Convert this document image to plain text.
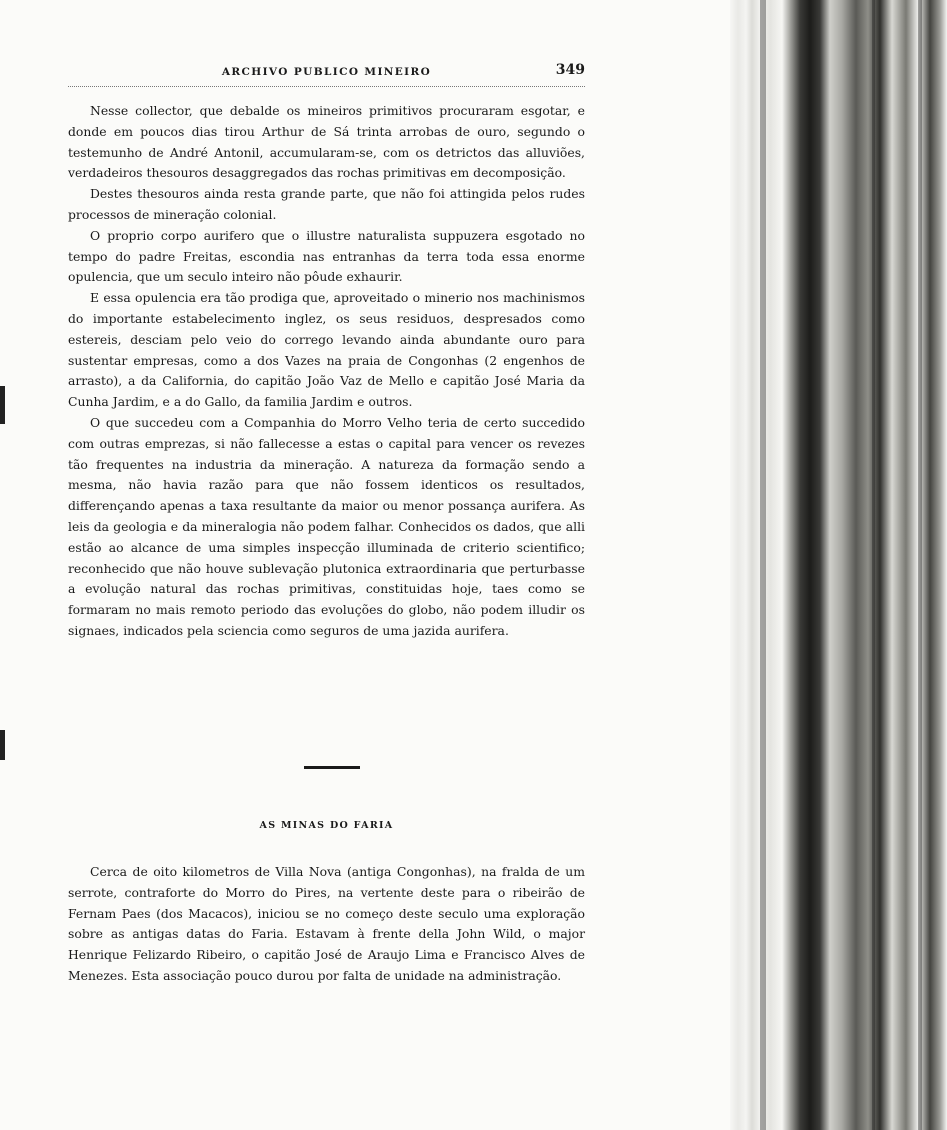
ARCHIVO PUBLICO MINEIRO	349

Nesse collector, que debalde os mineiros primitivos procuraram esgotar, e donde em poucos dias tirou Arthur de Sá trinta arrobas de ouro, segundo o testemunho de André Antonil, accumularam-se, com os detrictos das alluviões, verdadeiros thesouros desaggregados das rochas primitivas em decomposição.

Destes thesouros ainda resta grande parte, que não foi attingida pelos rudes processos de mineração colonial.

O proprio corpo aurifero que o illustre naturalista suppuzera esgotado no tempo do padre Freitas, escondia nas entranhas da terra toda essa enorme opulencia, que um seculo inteiro não pôude exhaurir.

E essa opulencia era tão prodiga que, aproveitado o minerio nos machinismos do importante estabelecimento inglez, os seus residuos, despresados como estereis, desciam pelo veio do corrego levando ainda abundante ouro para sustentar empresas, como a dos Vazes na praia de Congonhas (2 engenhos de arrasto), a da California, do capitão João Vaz de Mello e capitão José Maria da Cunha Jardim, e a do Gallo, da familia Jardim e outros.

O que succedeu com a Companhia do Morro Velho teria de certo succedido com outras emprezas, si não fallecesse a estas o capital para vencer os revezes tão frequentes na industria da mineração. A natureza da formação sendo a mesma, não havia razão para que não fossem identicos os resultados, differençando apenas a taxa resultante da maior ou menor possança aurifera. As leis da geologia e da mineralogia não podem falhar. Conhecidos os dados, que alli estão ao alcance de uma simples inspecção illuminada de criterio scientifico; reconhecido que não houve sublevação plutonica extraordinaria que perturbasse a evolução natural das rochas primitivas, constituidas hoje, taes como se formaram no mais remoto periodo das evoluções do globo, não podem illudir os signaes, indicados pela sciencia como seguros de uma jazida aurifera.

AS MINAS DO FARIA

Cerca de oito kilometros de Villa Nova (antiga Congonhas), na fralda de um serrote, contraforte do Morro do Pires, na vertente deste para o ribeirão de Fernam Paes (dos Macacos), iniciou se no começo deste seculo uma exploração sobre as antigas datas do Faria. Estavam à frente della John Wild, o major Henrique Felizardo Ribeiro, o capitão José de Araujo Lima e Francisco Alves de Menezes. Esta associação pouco durou por falta de unidade na administração.
